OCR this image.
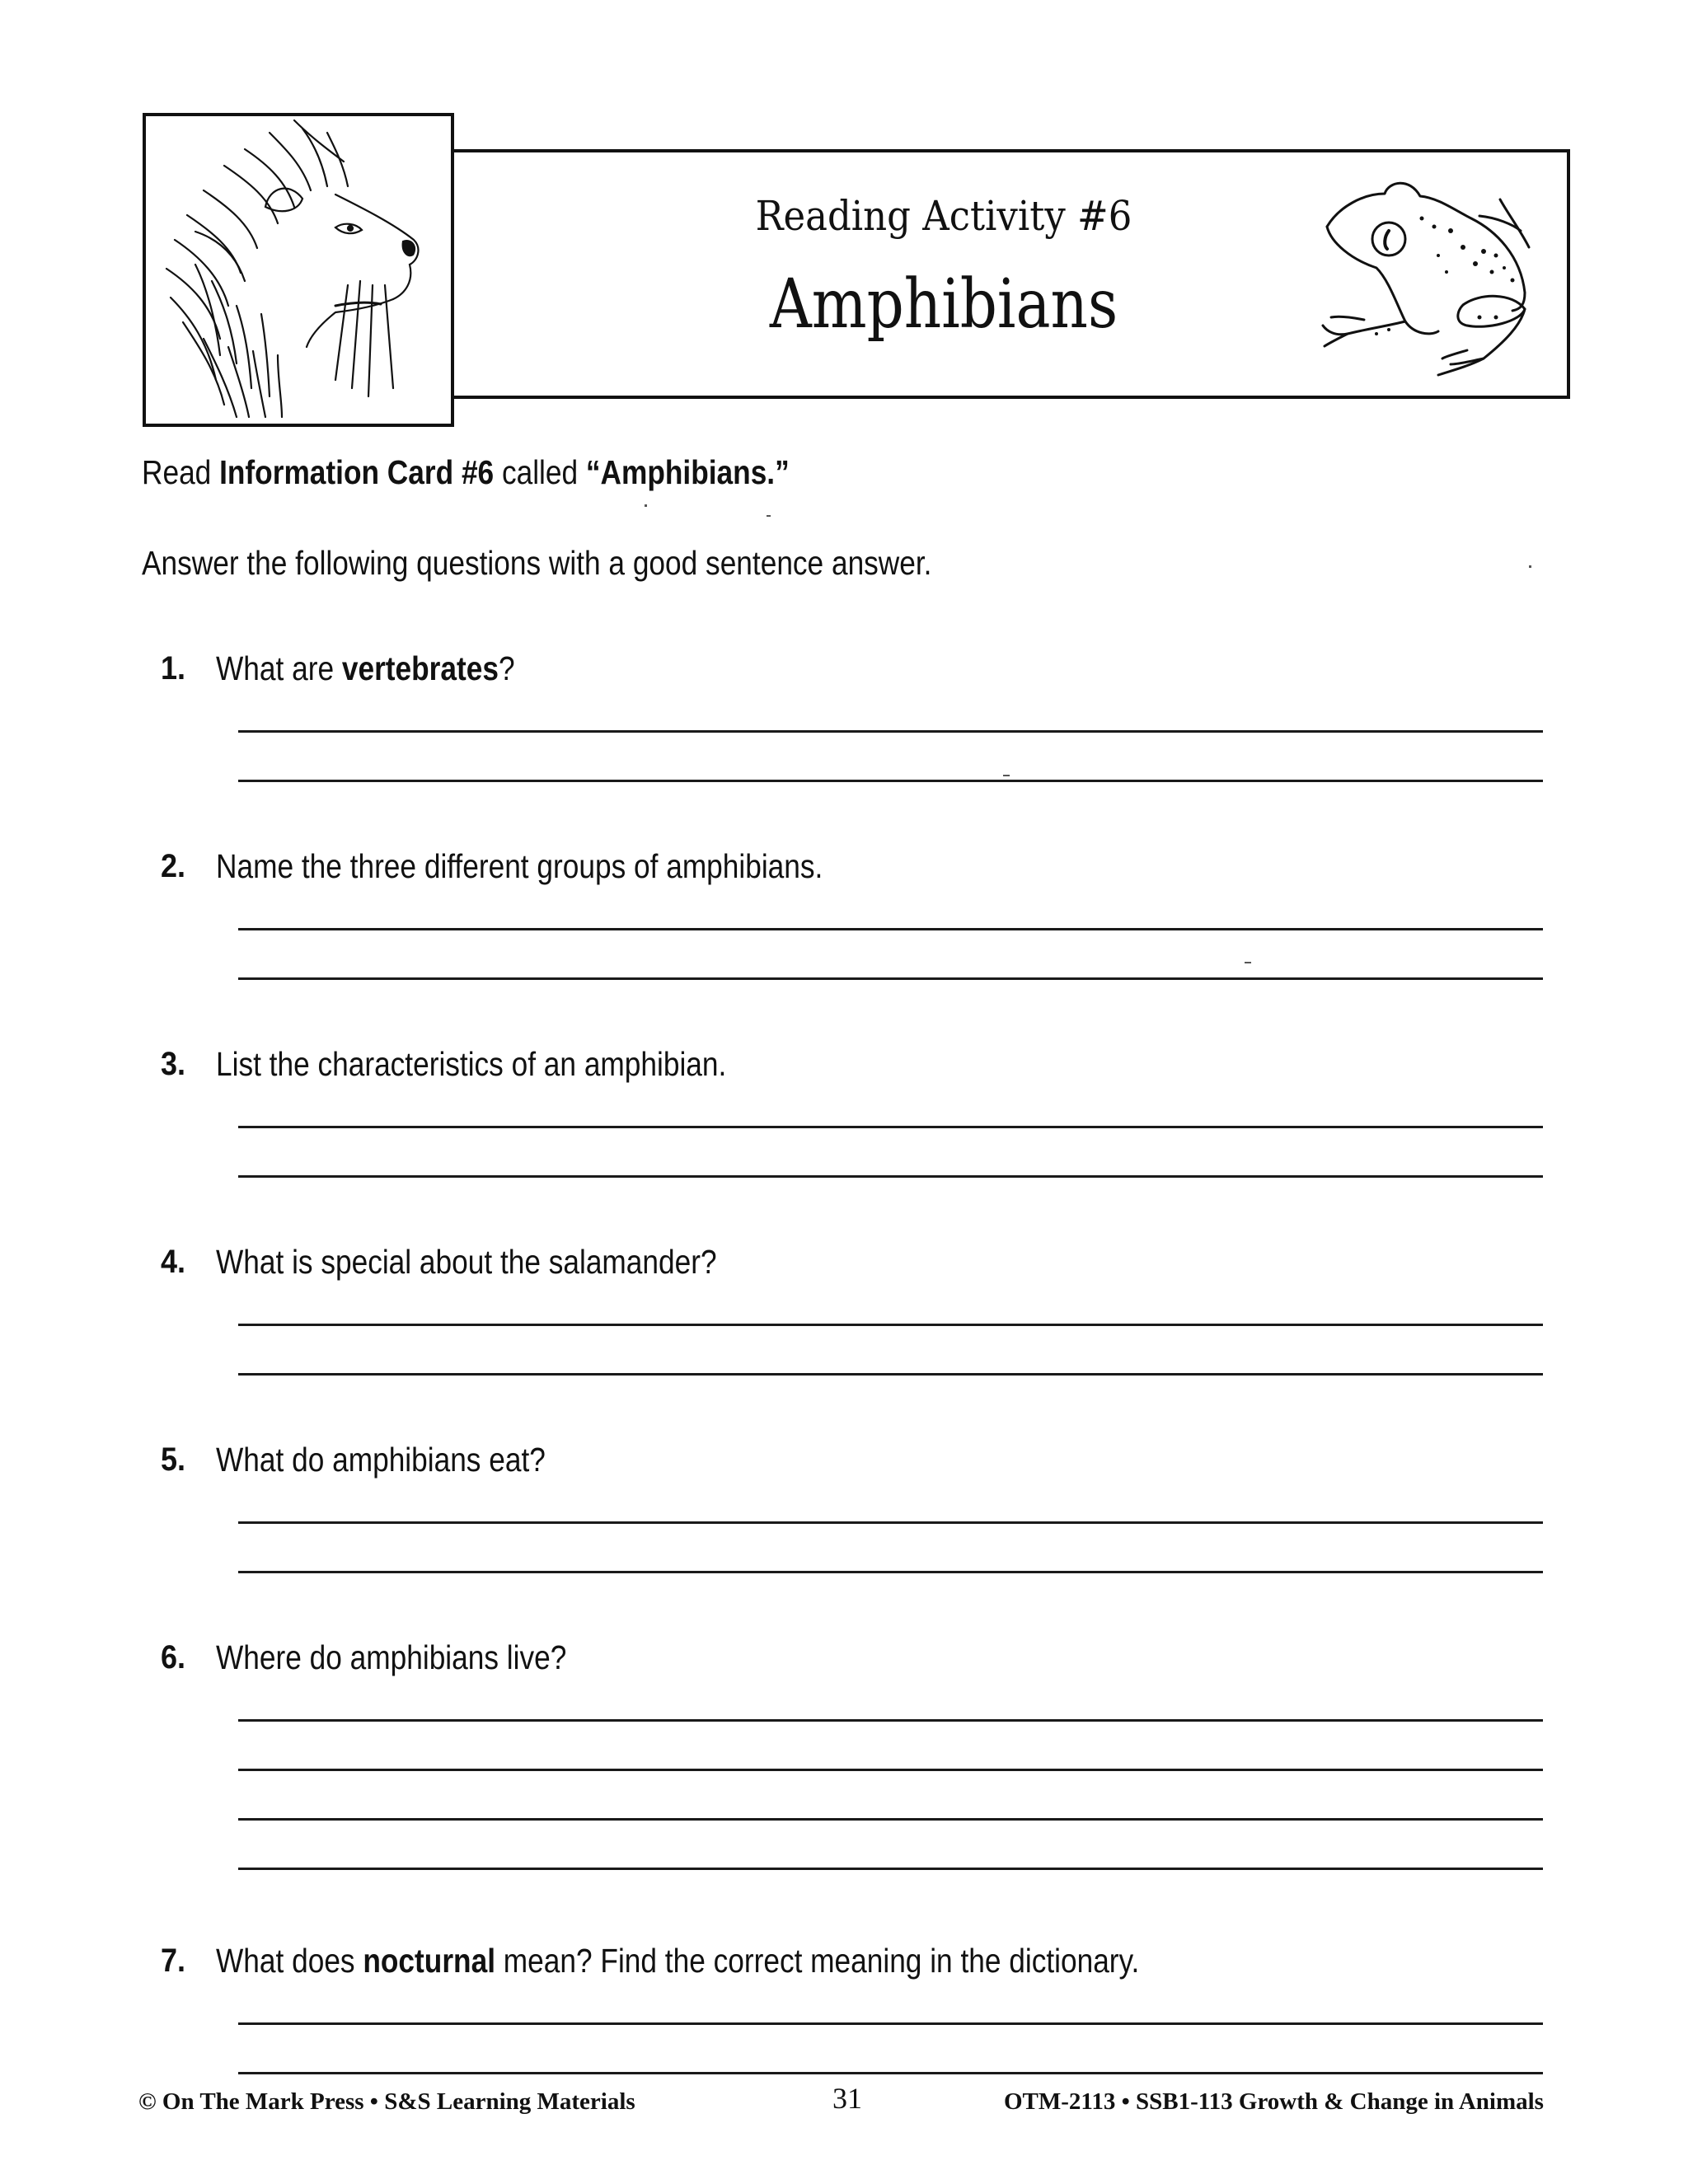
Reading Activity #6
Amphibians
Read Information Card #6 called “Amphibians.”
Answer the following questions with a good sentence answer.
1. What are vertebrates?
2. Name the three different groups of amphibians.
3. List the characteristics of an amphibian.
4. What is special about the salamander?
5. What do amphibians eat?
6. Where do amphibians live?
7. What does nocturnal mean? Find the correct meaning in the dictionary.
© On The Mark Press • S&S Learning Materials	31	OTM-2113 • SSB1-113 Growth & Change in Animals
